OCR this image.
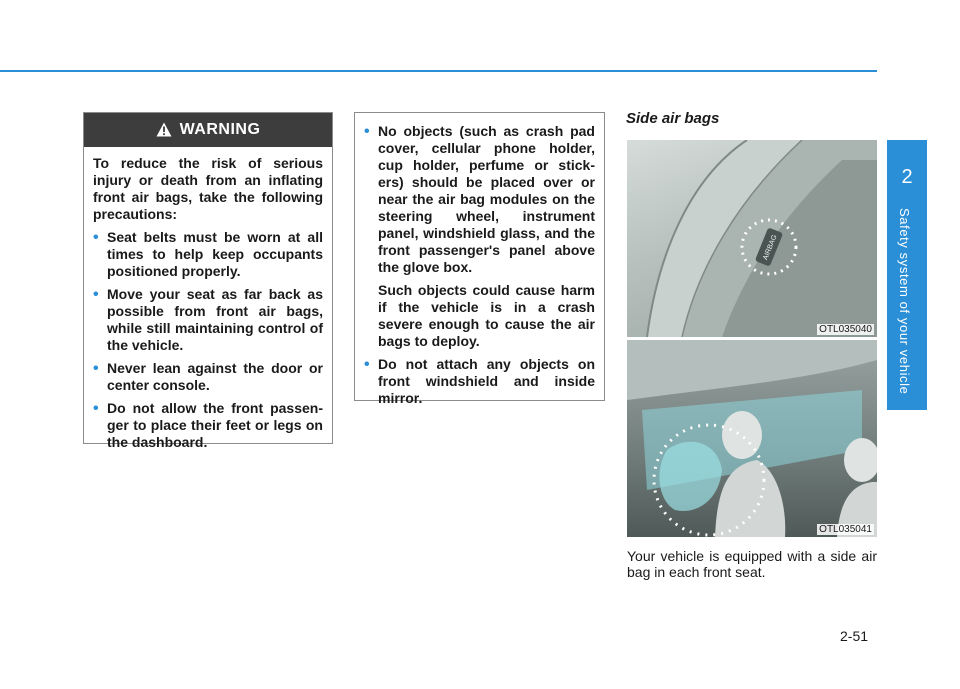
2
Safety system of your vehicle
WARNING

To reduce the risk of serious injury or death from an inflating front air bags, take the following precautions:

• Seat belts must be worn at all times to help keep occupants positioned properly.
• Move your seat as far back as possible from front air bags, while still maintaining control of the vehicle.
• Never lean against the door or center console.
• Do not allow the front passen-ger to place their feet or legs on the dashboard.
• No objects (such as crash pad cover, cellular phone holder, cup holder, perfume or stick-ers) should be placed over or near the air bag modules on the steering wheel, instrument panel, windshield glass, and the front passenger's panel above the glove box.
Such objects could cause harm if the vehicle is in a crash severe enough to cause the air bags to deploy.
• Do not attach any objects on front windshield and inside mirror.
Side air bags
AIRBAG
OTL035040
OTL035041
Your vehicle is equipped with a side air bag in each front seat.
2-51
